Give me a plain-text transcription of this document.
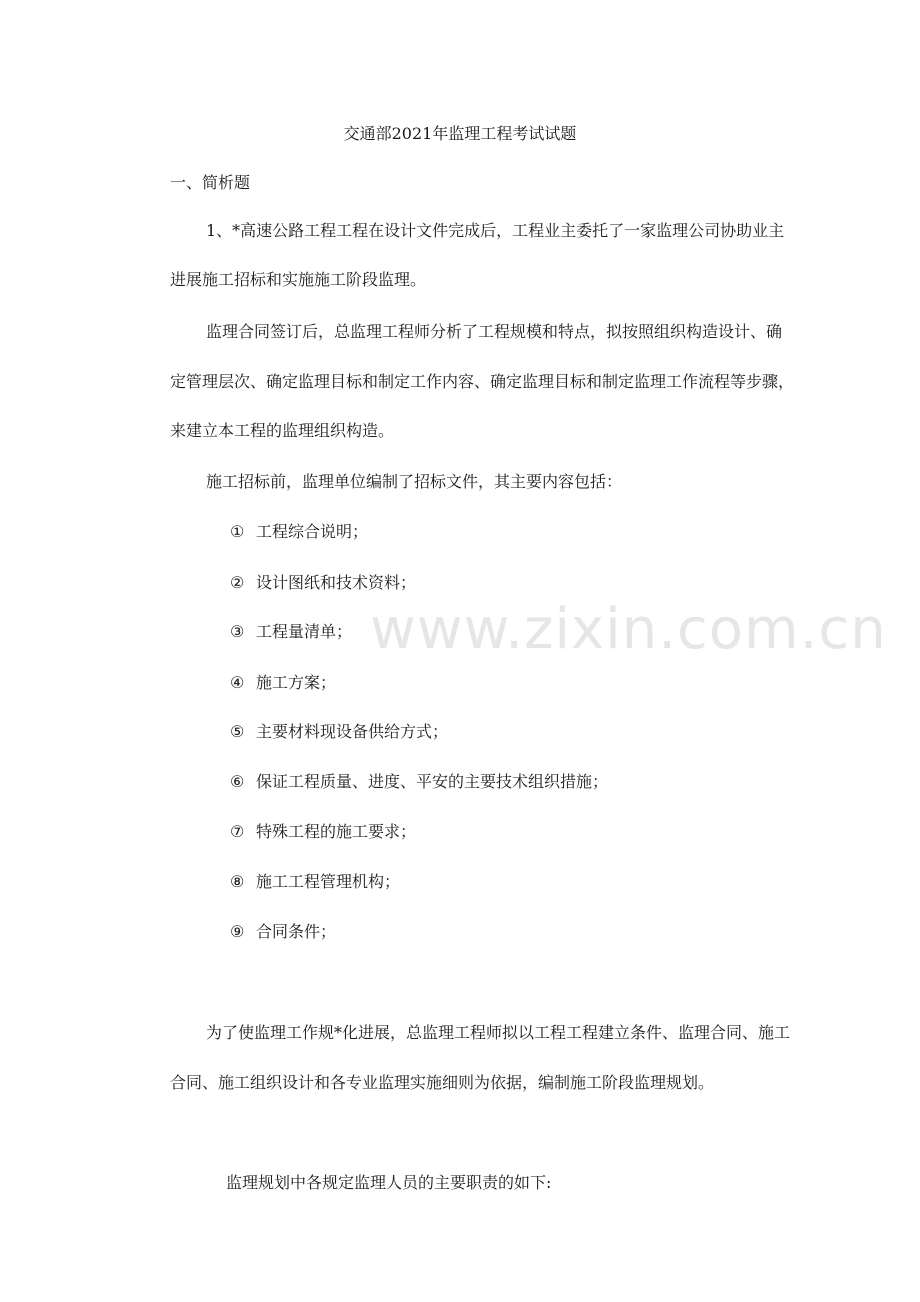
交通部2021年监理工程考试试题
一、简析题
1、*高速公路工程工程在设计文件完成后，工程业主委托了一家监理公司协助业主
进展施工招标和实施施工阶段监理。
监理合同签订后，总监理工程师分析了工程规模和特点，拟按照组织构造设计、确
定管理层次、确定监理目标和制定工作内容、确定监理目标和制定监理工作流程等步骤，
来建立本工程的监理组织构造。
施工招标前，监理单位编制了招标文件，其主要内容包括：
① 工程综合说明；
② 设计图纸和技术资料；
③ 工程量清单；
④ 施工方案；
⑤ 主要材料现设备供给方式；
⑥ 保证工程质量、进度、平安的主要技术组织措施；
⑦ 特殊工程的施工要求；
⑧ 施工工程管理机构；
⑨ 合同条件；
为了使监理工作规*化进展，总监理工程师拟以工程工程建立条件、监理合同、施工
合同、施工组织设计和各专业监理实施细则为依据，编制施工阶段监理规划。
监理规划中各规定监理人员的主要职责的如下:
www.zixin.com.cn
